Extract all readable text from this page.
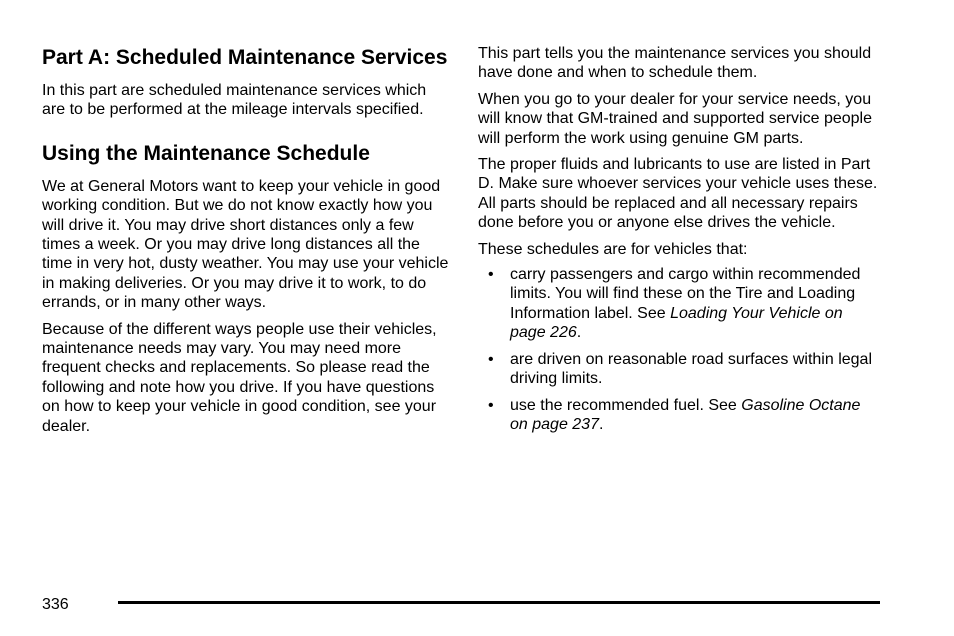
Part A: Scheduled Maintenance Services

In this part are scheduled maintenance services which are to be performed at the mileage intervals specified.

Using the Maintenance Schedule

We at General Motors want to keep your vehicle in good working condition. But we do not know exactly how you will drive it. You may drive short distances only a few times a week. Or you may drive long distances all the time in very hot, dusty weather. You may use your vehicle in making deliveries. Or you may drive it to work, to do errands, or in many other ways.

Because of the different ways people use their vehicles, maintenance needs may vary. You may need more frequent checks and replacements. So please read the following and note how you drive. If you have questions on how to keep your vehicle in good condition, see your dealer.

This part tells you the maintenance services you should have done and when to schedule them.

When you go to your dealer for your service needs, you will know that GM-trained and supported service people will perform the work using genuine GM parts.

The proper fluids and lubricants to use are listed in Part D. Make sure whoever services your vehicle uses these. All parts should be replaced and all necessary repairs done before you or anyone else drives the vehicle.

These schedules are for vehicles that:

• carry passengers and cargo within recommended limits. You will find these on the Tire and Loading Information label. See Loading Your Vehicle on page 226.
• are driven on reasonable road surfaces within legal driving limits.
• use the recommended fuel. See Gasoline Octane on page 237.
336
